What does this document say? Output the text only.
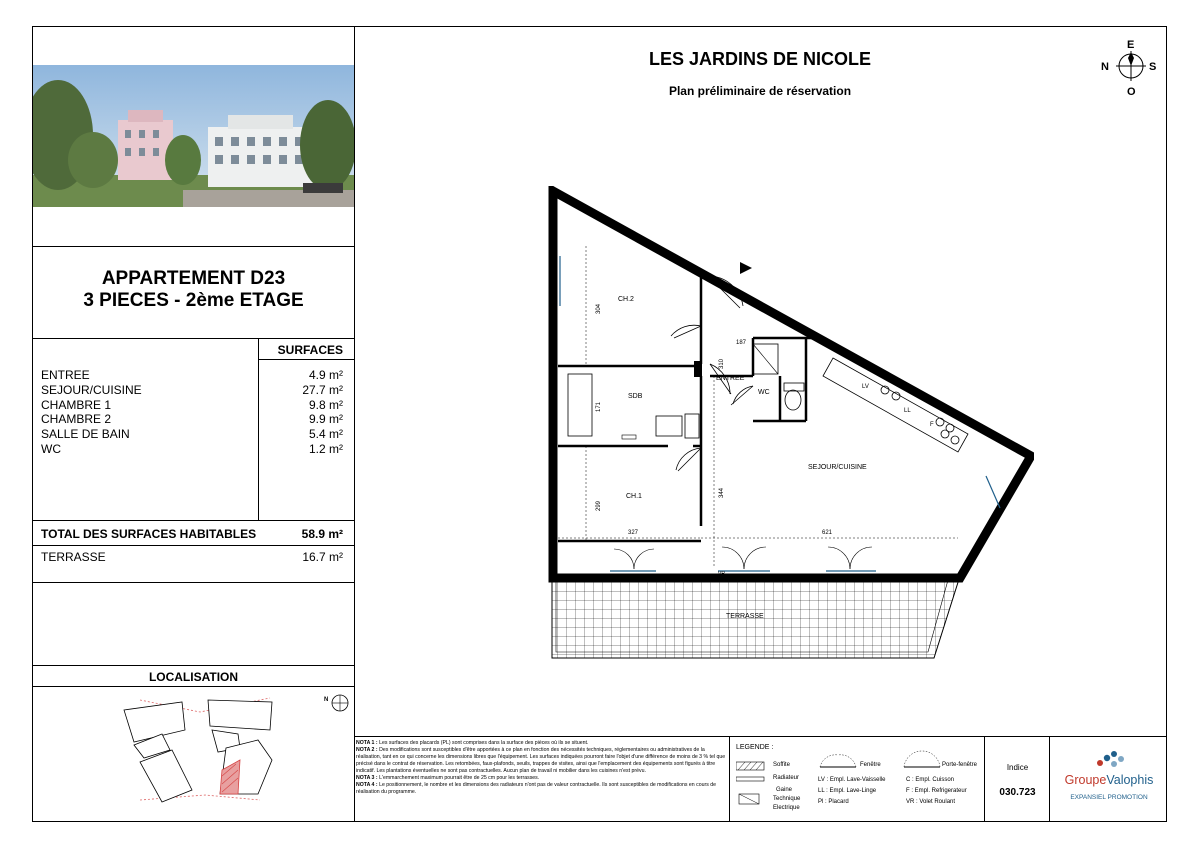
APPARTEMENT D23
3 PIECES - 2ème ETAGE
SURFACES
ENTREE	4.9 m²
SEJOUR/CUISINE	27.7 m²
CHAMBRE 1	9.8 m²
CHAMBRE 2	9.9 m²
SALLE DE BAIN	5.4 m²
WC	1.2 m²
TOTAL DES SURFACES HABITABLES	58.9 m²
TERRASSE	16.7 m²
LOCALISATION
N
LES JARDINS DE NICOLE
Plan préliminaire de réservation
E
N	S
O
CH.2
SDB
ENTREE
WC
SEJOUR/CUISINE
CH.1
TERRASSE
304
187
310
171
299
344
327	621
LV
LL
F
VR
NOTA 1 : Les surfaces des placards (PL) sont comprises dans la surface des pièces où ils se situent.
NOTA 2 : Des modifications sont susceptibles d'être apportées à ce plan en fonction des nécessités techniques, réglementaires ou administratives de la réalisation, tant en ce qui concerne les dimensions libres que l'équipement. Les surfaces indiquées pourront faire l'objet d'une différence de moins de 3 % tel que précisé dans le contrat de réservation. Les retombées, faux-plafonds, seuils, trappes de visites, ainsi que l'emplacement des équipements sont figurés à titre indicatif. Les plantations éventuelles ne sont pas contractuelles. Aucun plan de travail ni mobilier dans les cuisines n'est prévu.
NOTA 3 : L'emmarchement maximum pourrait être de 25 cm pour les terrasses.
NOTA 4 : Le positionnement, le nombre et les dimensions des radiateurs n'ont pas de valeur contractuelle. Ils sont susceptibles de modifications en cours de réalisation du programme.
LEGENDE :
Soffite
Radiateur
Gaine
Technique
Electrique
Fenêtre	Porte-fenêtre
LV : Empl. Lave-Vaisselle
LL : Empl. Lave-Linge
Pl : Placard
C : Empl. Cuisson
F : Empl. Refrigerateur
VR : Volet Roulant
Indice
030.723
GroupeValophis
EXPANSIEL PROMOTION
